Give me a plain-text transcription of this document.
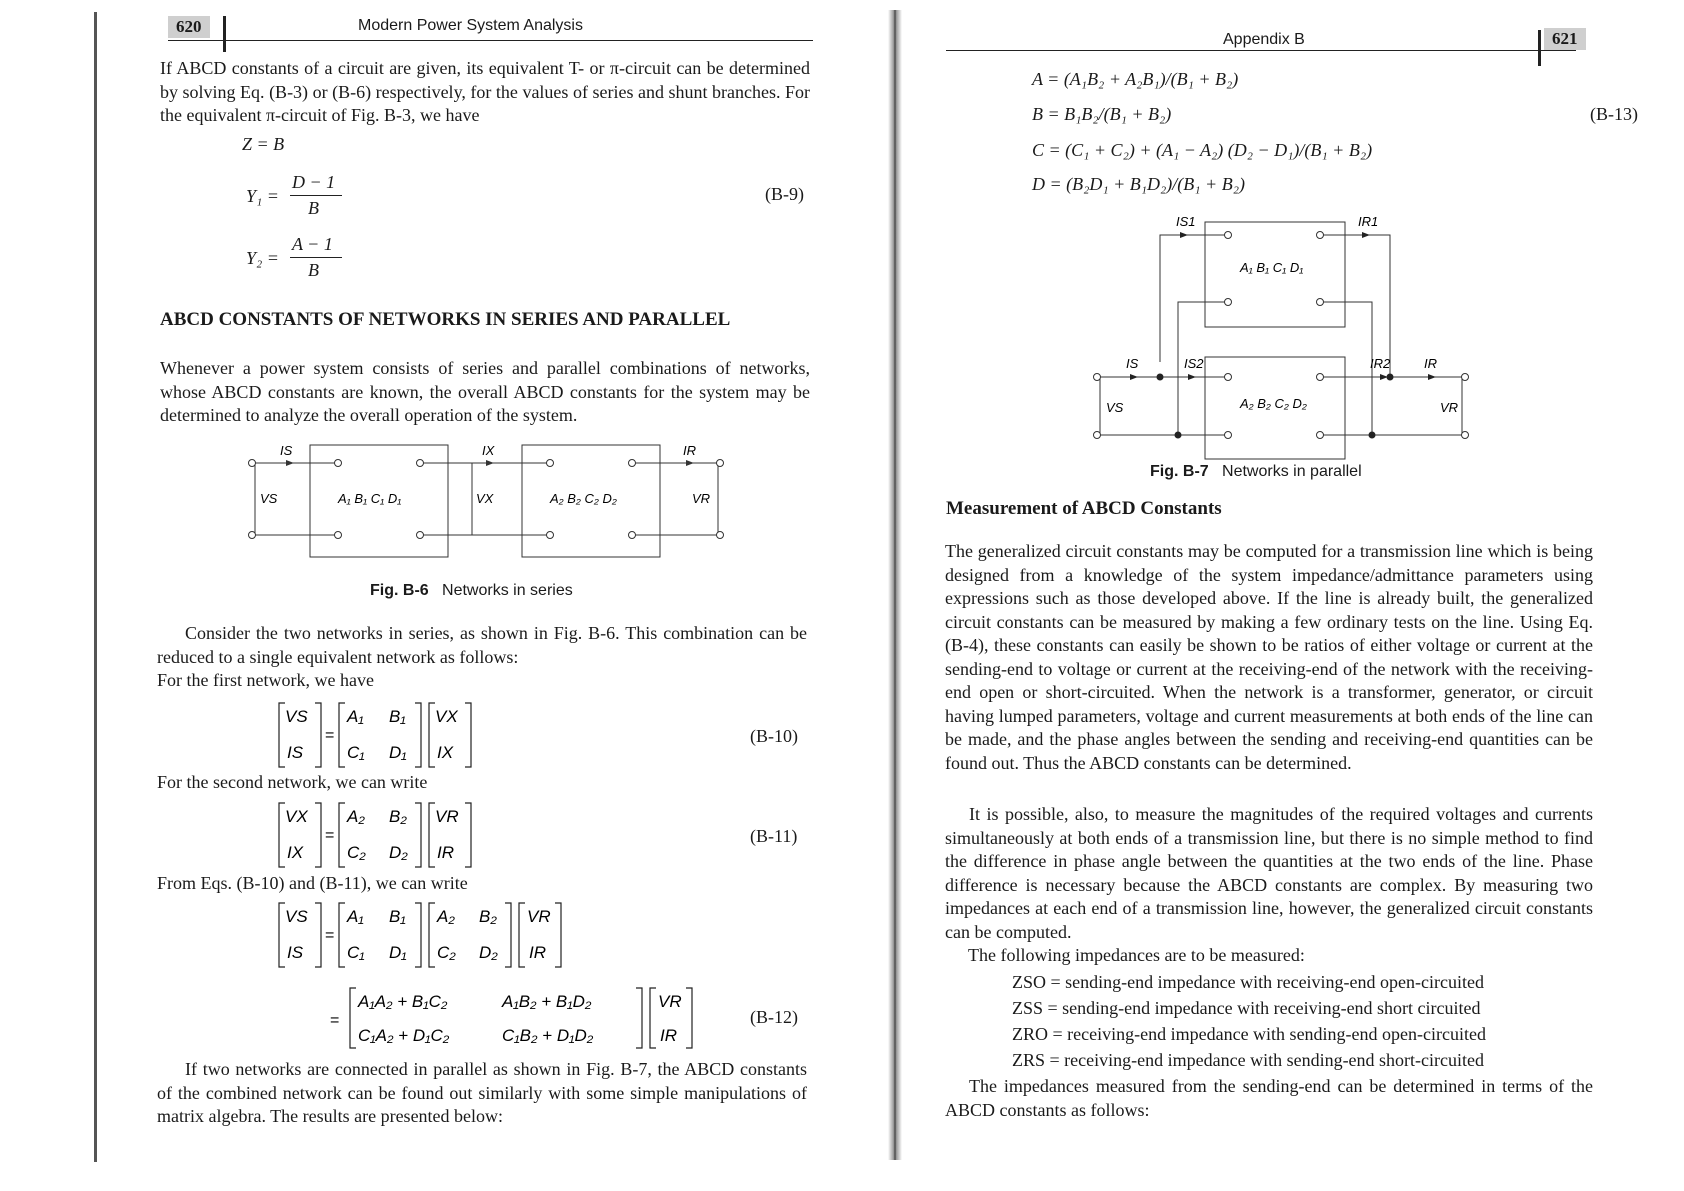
620	Modern Power System Analysis
If ABCD constants of a circuit are given, its equivalent T- or π-circuit can be determined by solving Eq. (B-3) or (B-6) respectively, for the values of series and shunt branches. For the equivalent π-circuit of Fig. B-3, we have
Z = B
Y₁ =
D − 1
B
(B-9)
Y₂ =
A − 1
B
ABCD CONSTANTS OF NETWORKS IN SERIES AND PARALLEL
Whenever a power system consists of series and parallel combinations of networks, whose ABCD constants are known, the overall ABCD constants for the system may be determined to analyze the overall operation of the system.
IS	IX	IR
VS	VX	VR
A₁ B₁ C₁ D₁	A₂ B₂ C₂ D₂
Fig. B-6 Networks in series
Consider the two networks in series, as shown in Fig. B-6. This combination can be reduced to a single equivalent network as follows:
For the first network, we have
=
VS
IS
A₁ B₁
C₁ D₁
VX
IX
(B-10)
For the second network, we can write
=
VX
IX
A₂ B₂
C₂ D₂
VR
IR
(B-11)
From Eqs. (B-10) and (B-11), we can write
=
VS
IS
A₁ B₁
C₁ D₁
A₂ B₂
C₂ D₂
VR
IR
=
A₁A₂ + B₁C₂	A₁B₂ + B₁D₂
C₁A₂ + D₁C₂	C₁B₂ + D₁D₂
VR
IR
(B-12)
If two networks are connected in parallel as shown in Fig. B-7, the ABCD constants of the combined network can be found out similarly with some simple manipulations of matrix algebra. The results are presented below:
Appendix B	621
A = (A₁B₂ + A₂B₁)/(B₁ + B₂)
B = B₁B₂/(B₁ + B₂)
C = (C₁ + C₂) + (A₁ − A₂) (D₂ − D₁)/(B₁ + B₂)
D = (B₂D₁ + B₁D₂)/(B₁ + B₂)
(B-13)
IS1	IR1
IS	IS2	IR2	IR
VS	VR
A₁ B₁ C₁ D₁
A₂ B₂ C₂ D₂
Fig. B-7 Networks in parallel
Measurement of ABCD Constants
The generalized circuit constants may be computed for a transmission line which is being designed from a knowledge of the system impedance/admittance parameters using expressions such as those developed above. If the line is already built, the generalized circuit constants can be measured by making a few ordinary tests on the line. Using Eq. (B-4), these constants can easily be shown to be ratios of either voltage or current at the sending-end to voltage or current at the receiving-end of the network with the receiving-end open or short-circuited. When the network is a transformer, generator, or circuit having lumped parameters, voltage and current measurements at both ends of the line can be made, and the phase angles between the sending and receiving-end quantities can be found out. Thus the ABCD constants can be determined.
It is possible, also, to measure the magnitudes of the required voltages and currents simultaneously at both ends of a transmission line, but there is no simple method to find the difference in phase angle between the quantities at the two ends of the line. Phase difference is necessary because the ABCD constants are complex. By measuring two impedances at each end of a transmission line, however, the generalized circuit constants can be computed.
The following impedances are to be measured:
ZSO = sending-end impedance with receiving-end open-circuited
ZSS = sending-end impedance with receiving-end short circuited
ZRO = receiving-end impedance with sending-end open-circuited
ZRS = receiving-end impedance with sending-end short-circuited
The impedances measured from the sending-end can be determined in terms of the ABCD constants as follows:
